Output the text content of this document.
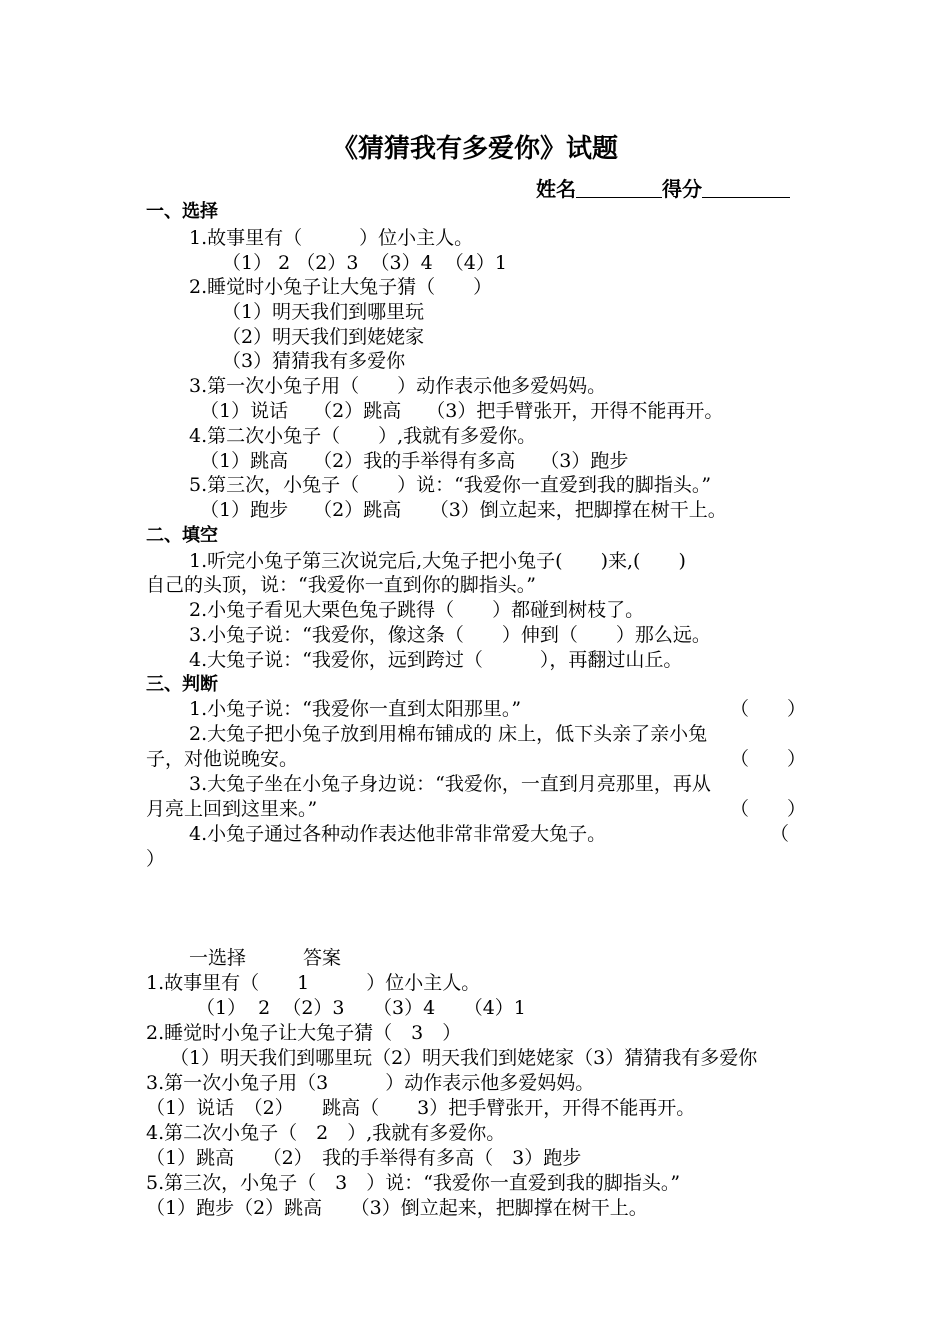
《猜猜我有多爱你》试题
姓名	得分
一、选择
1.故事里有（　　　）位小主人。
（1） 2 （2）3  （3）4  （4）1
2.睡觉时小兔子让大兔子猜（　　）
（1）明天我们到哪里玩
（2）明天我们到姥姥家
（3）猜猜我有多爱你
3.第一次小兔子用（　　）动作表示他多爱妈妈。
（1）说话　 （2）跳高　 （3）把手臂张开，开得不能再开。
4.第二次小兔子（　　）,我就有多爱你。
（1）跳高　 （2）我的手举得有多高　 （3）跑步
5.第三次，小兔子（　　）说：“我爱你一直爱到我的脚指头。”
（1）跑步　 （2）跳高　　（3）倒立起来，把脚撑在树干上。
二、填空
1.听完小兔子第三次说完后,大兔子把小兔子(　　)来,(　　)
自己的头顶，说：“我爱你一直到你的脚指头。”
2.小兔子看见大栗色兔子跳得（　　）都碰到树枝了。
3.小兔子说：“我爱你，像这条（　　）伸到（　　）那么远。
4.大兔子说：“我爱你，远到跨过（　　　），再翻过山丘。
三、判断
1.小兔子说：“我爱你一直到太阳那里。”	（　　）
2.大兔子把小兔子放到用棉布铺成的 床上，低下头亲了亲小兔
子，对他说晚安。	（　　）
3.大兔子坐在小兔子身边说：“我爱你，一直到月亮那里，再从
月亮上回到这里来。”	（　　）
4.小兔子通过各种动作表达他非常非常爱大兔子。	（
）
一选择　　　答案
1.故事里有（　　1　　　）位小主人。
（1）  2  （2）3　　（3）4　　（4）1
2.睡觉时小兔子让大兔子猜（　3　）
（1）明天我们到哪里玩（2）明天我们到姥姥家（3）猜猜我有多爱你
3.第一次小兔子用（3　　　）动作表示他多爱妈妈。
（1）说话　（2）　　跳高（　　3）把手臂张开，开得不能再开。
4.第二次小兔子（　2　）,我就有多爱你。
（1）跳高　　（2）　我的手举得有多高（　3）跑步
5.第三次，小兔子（　3　）说：“我爱你一直爱到我的脚指头。”
（1）跑步（2）跳高　　（3）倒立起来，把脚撑在树干上。
